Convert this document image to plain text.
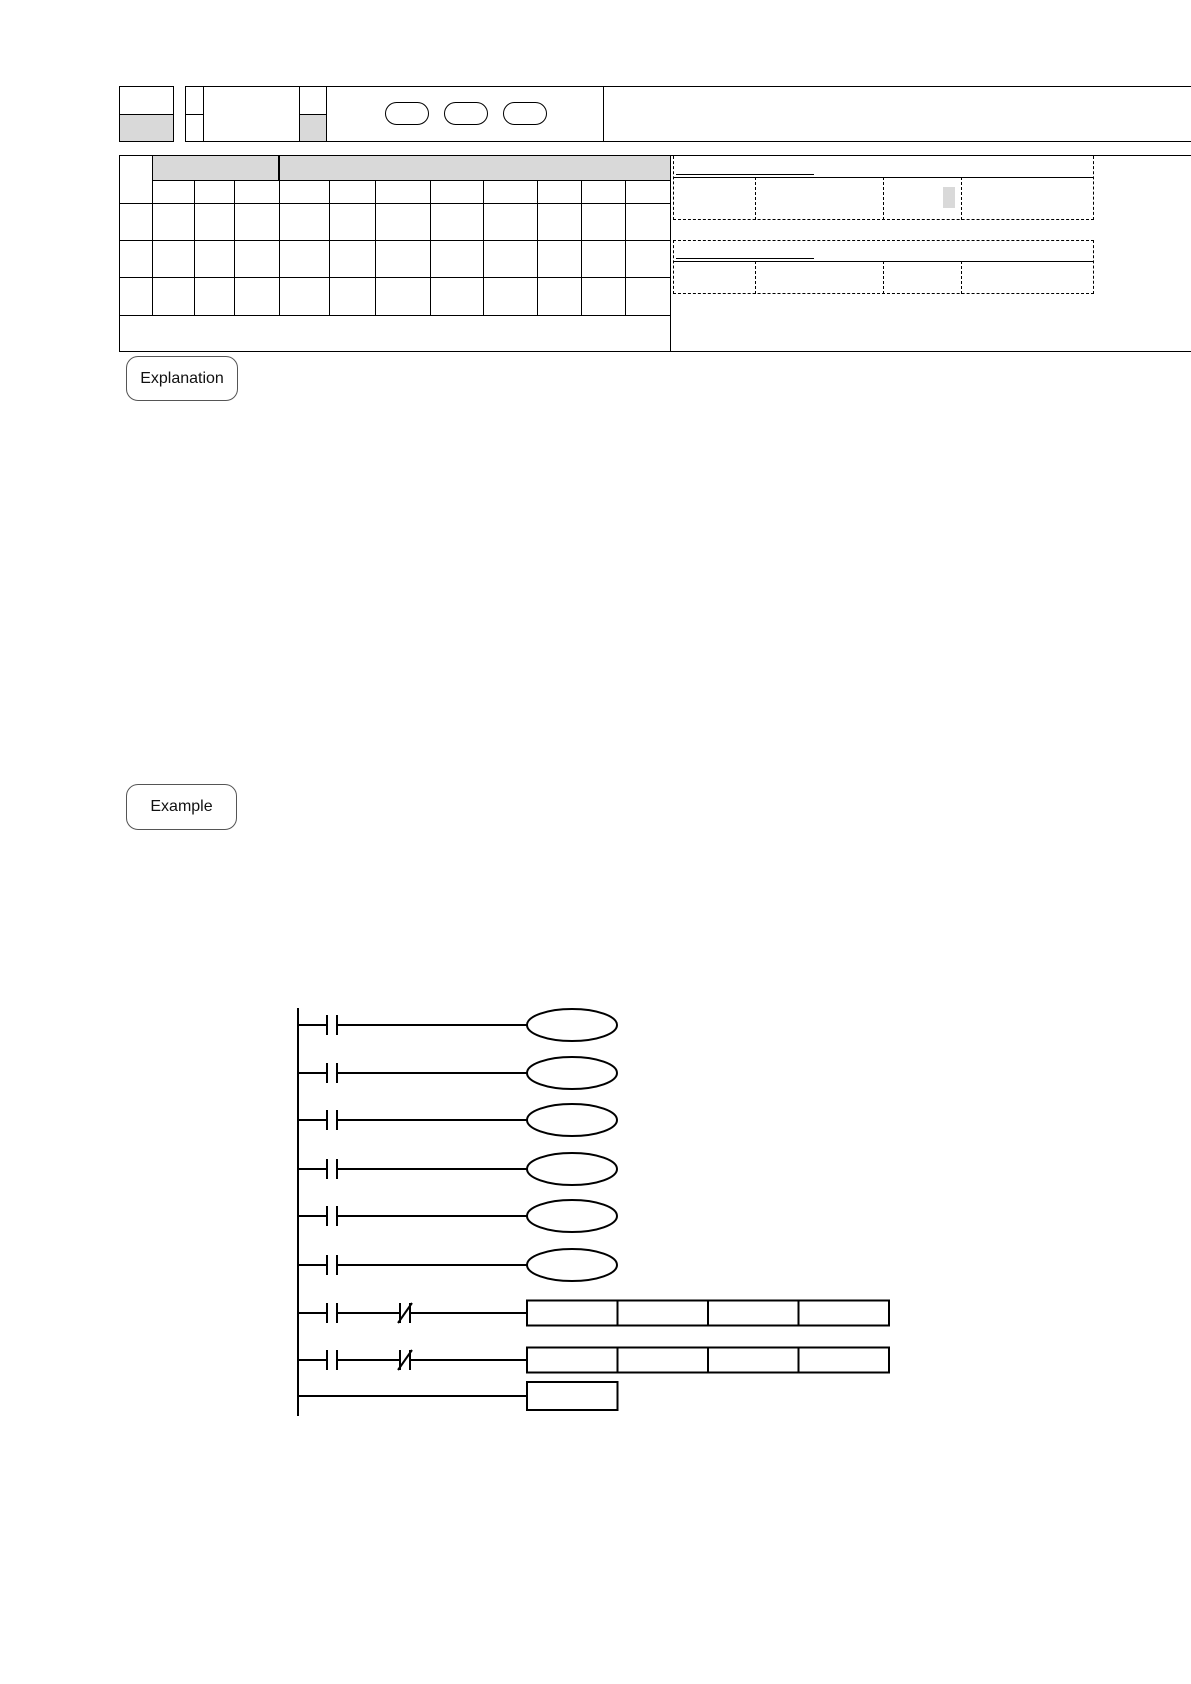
Explanation
Example
